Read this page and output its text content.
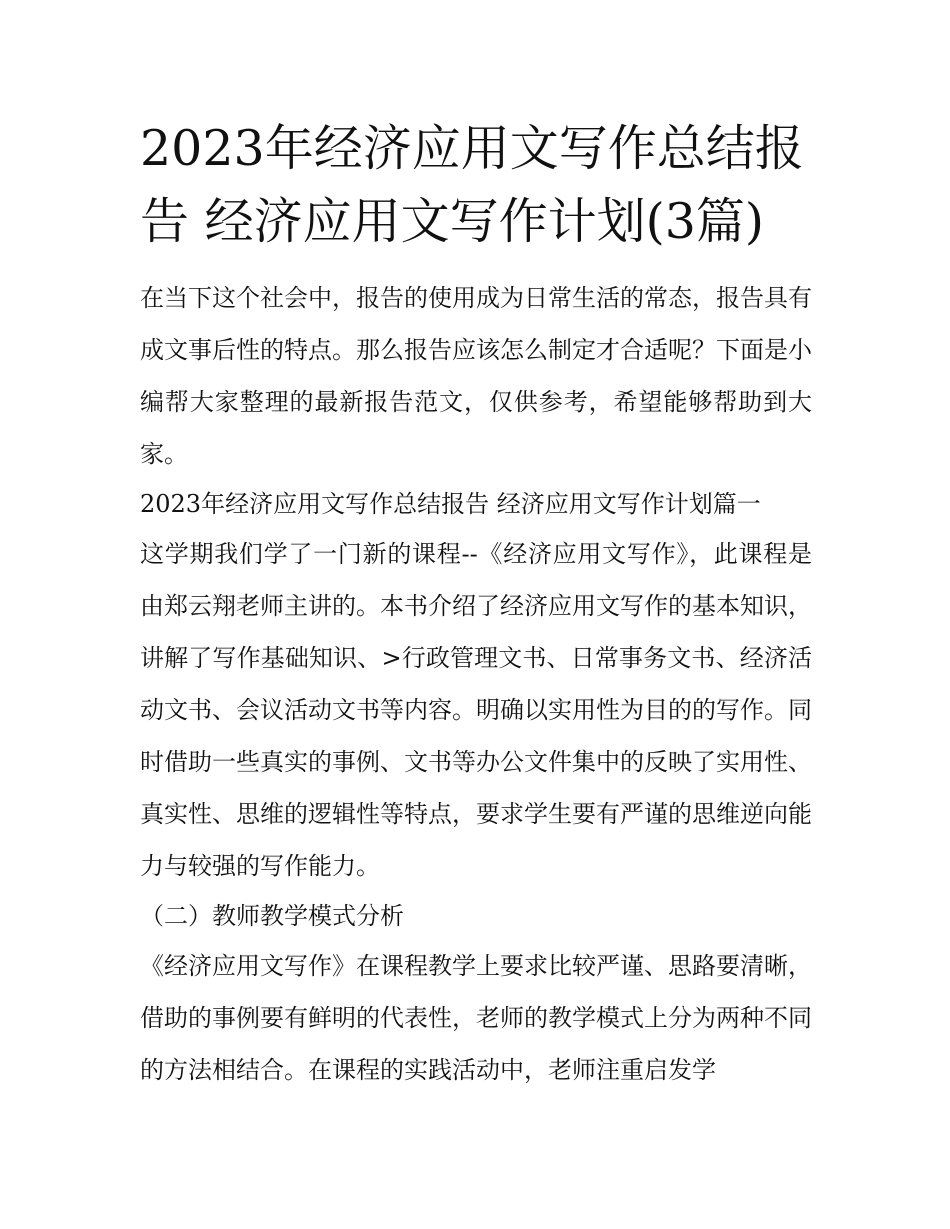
2023年经济应用文写作总结报告 经济应用文写作计划(3篇)

在当下这个社会中，报告的使用成为日常生活的常态，报告具有成文事后性的特点。那么报告应该怎么制定才合适呢？下面是小编帮大家整理的最新报告范文，仅供参考，希望能够帮助到大家。

2023年经济应用文写作总结报告 经济应用文写作计划篇一

这学期我们学了一门新的课程--《经济应用文写作》，此课程是由郑云翔老师主讲的。本书介绍了经济应用文写作的基本知识，讲解了写作基础知识、>行政管理文书、日常事务文书、经济活动文书、会议活动文书等内容。明确以实用性为目的的写作。同时借助一些真实的事例、文书等办公文件集中的反映了实用性、真实性、思维的逻辑性等特点，要求学生要有严谨的思维逆向能力与较强的写作能力。

（二）教师教学模式分析

《经济应用文写作》在课程教学上要求比较严谨、思路要清晰，借助的事例要有鲜明的代表性，老师的教学模式上分为两种不同的方法相结合。在课程的实践活动中，老师注重启发学
